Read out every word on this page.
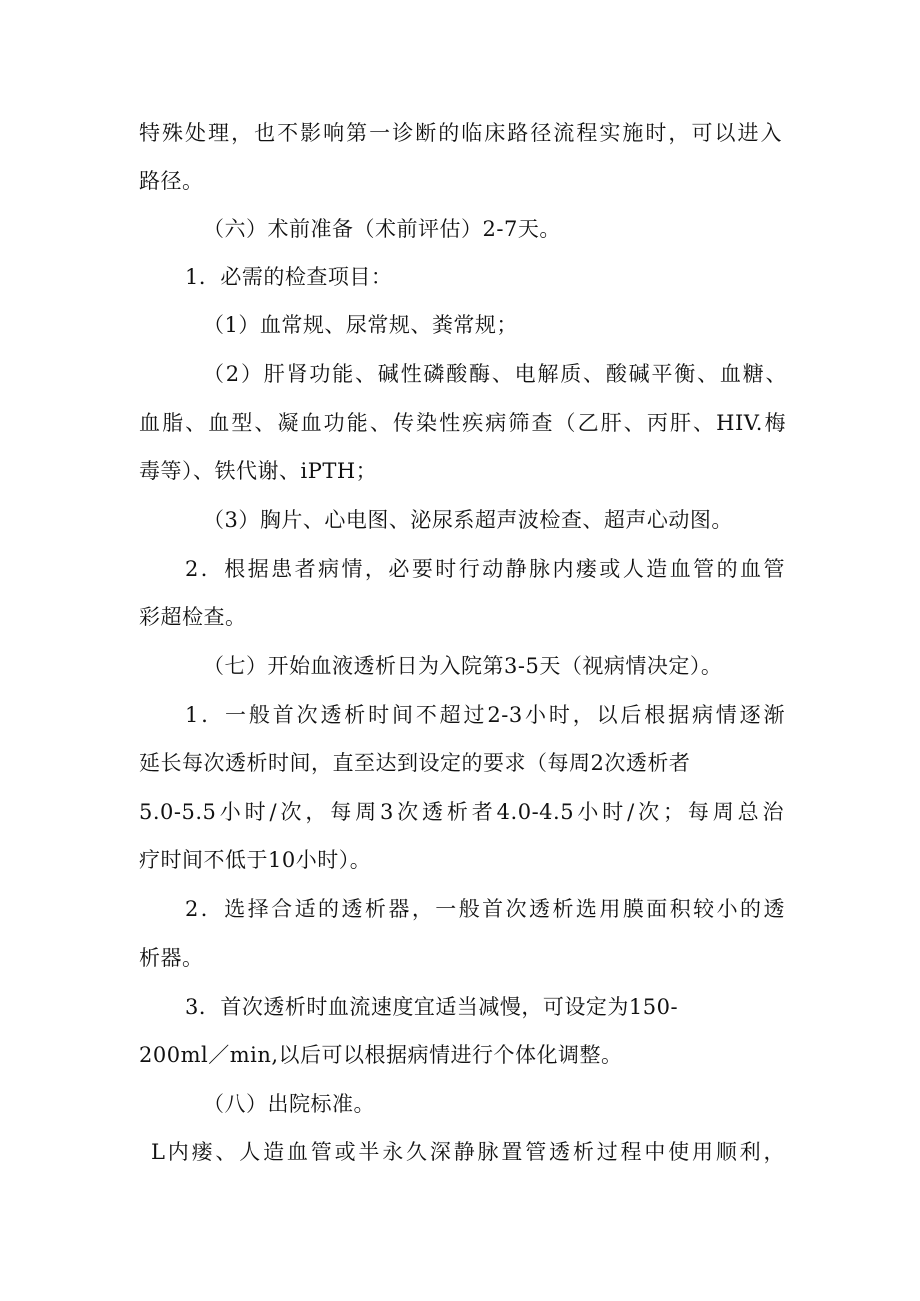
特殊处理，也不影响第一诊断的临床路径流程实施时，可以进入
路径。
（六）术前准备（术前评估）2-7天。
1．必需的检查项目：
（1）血常规、尿常规、粪常规；
（2）肝肾功能、碱性磷酸酶、电解质、酸碱平衡、血糖、
血脂、血型、凝血功能、传染性疾病筛查（乙肝、丙肝、HIV.梅
毒等）、铁代谢、iPTH；
（3）胸片、心电图、泌尿系超声波检查、超声心动图。
2．根据患者病情，必要时行动静脉内瘘或人造血管的血管
彩超检查。
（七）开始血液透析日为入院第3-5天（视病情决定）。
1．一般首次透析时间不超过2-3小时，以后根据病情逐渐
延长每次透析时间，直至达到设定的要求（每周2次透析者
5.0-5.5小时/次，每周3次透析者4.0-4.5小时/次；每周总治
疗时间不低于10小时）。
2．选择合适的透析器，一般首次透析选用膜面积较小的透
析器。
3．首次透析时血流速度宜适当减慢，可设定为150-
200ml／min,以后可以根据病情进行个体化调整。
（八）出院标准。
L内瘘、人造血管或半永久深静脉置管透析过程中使用顺利，
